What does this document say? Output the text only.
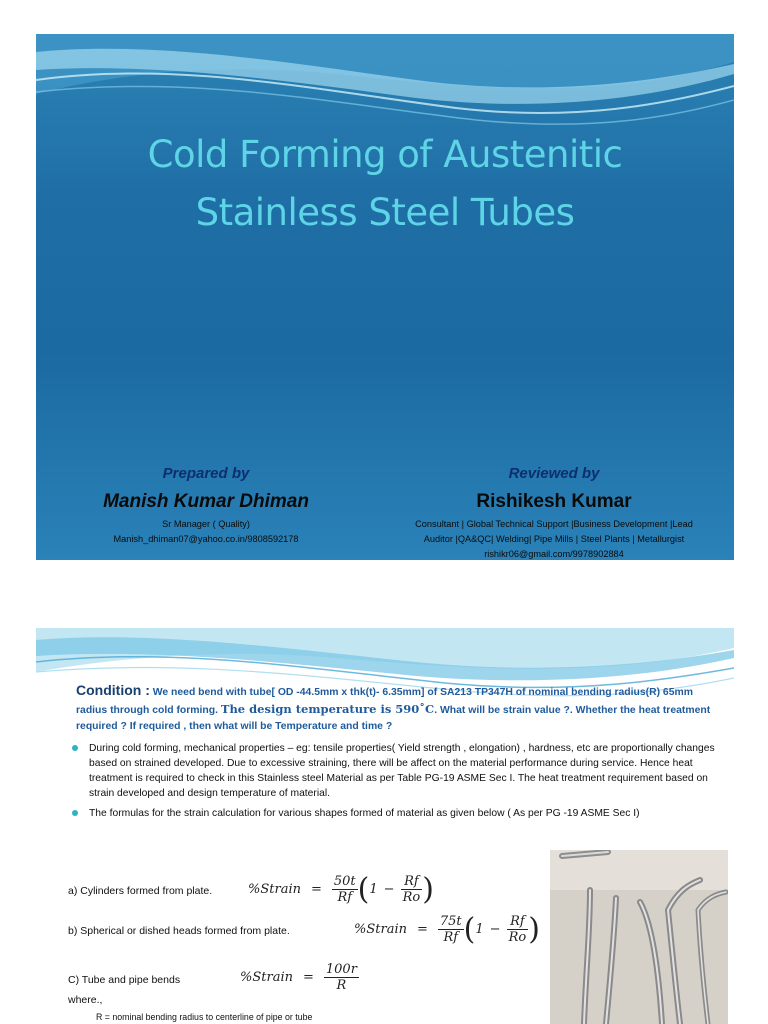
Cold Forming of Austenitic
Stainless Steel Tubes
Prepared by
Manish Kumar Dhiman
Sr Manager ( Quality)
Manish_dhiman07@yahoo.co.in/9808592178
Reviewed by
Rishikesh Kumar
Consultant | Global Technical Support |Business Development |Lead
Auditor |QA&QC| Welding| Pipe Mills | Steel Plants | Metallurgist
rishikr06@gmail.com/9978902884
Condition : We need bend with tube[ OD -44.5mm x thk(t)- 6.35mm] of SA213 TP347H of nominal bending radius(R) 65mm radius through cold forming. The design temperature is 590˚C. What will be strain value ?. Whether the heat treatment required ? If required , then what will be Temperature and time ?
During cold forming, mechanical properties – eg: tensile properties( Yield strength , elongation) , hardness, etc are proportionally changes based on strained developed. Due to excessive straining, there will be affect on the material performance during service. Hence heat treatment is required to check in this Stainless steel Material as per Table PG-19 ASME Sec I. The heat treatment requirement based on strain developed and design temperature of material.
The formulas for the strain calculation for various shapes formed of material as given below ( As per PG -19 ASME Sec I)
a) Cylinders formed from plate.	%Strain = $\frac{50t}{Rf} (1 - \frac{Rf}{Ro}$ )
b) Spherical or dished heads formed from plate.	%Strain = $\frac{75t}{Rf} (1 - \frac{Rf}{Ro}$ )
C) Tube and pipe bends	%Strain = $\frac{100r}{R}$
where.,
R = nominal bending radius to centerline of pipe or tube
